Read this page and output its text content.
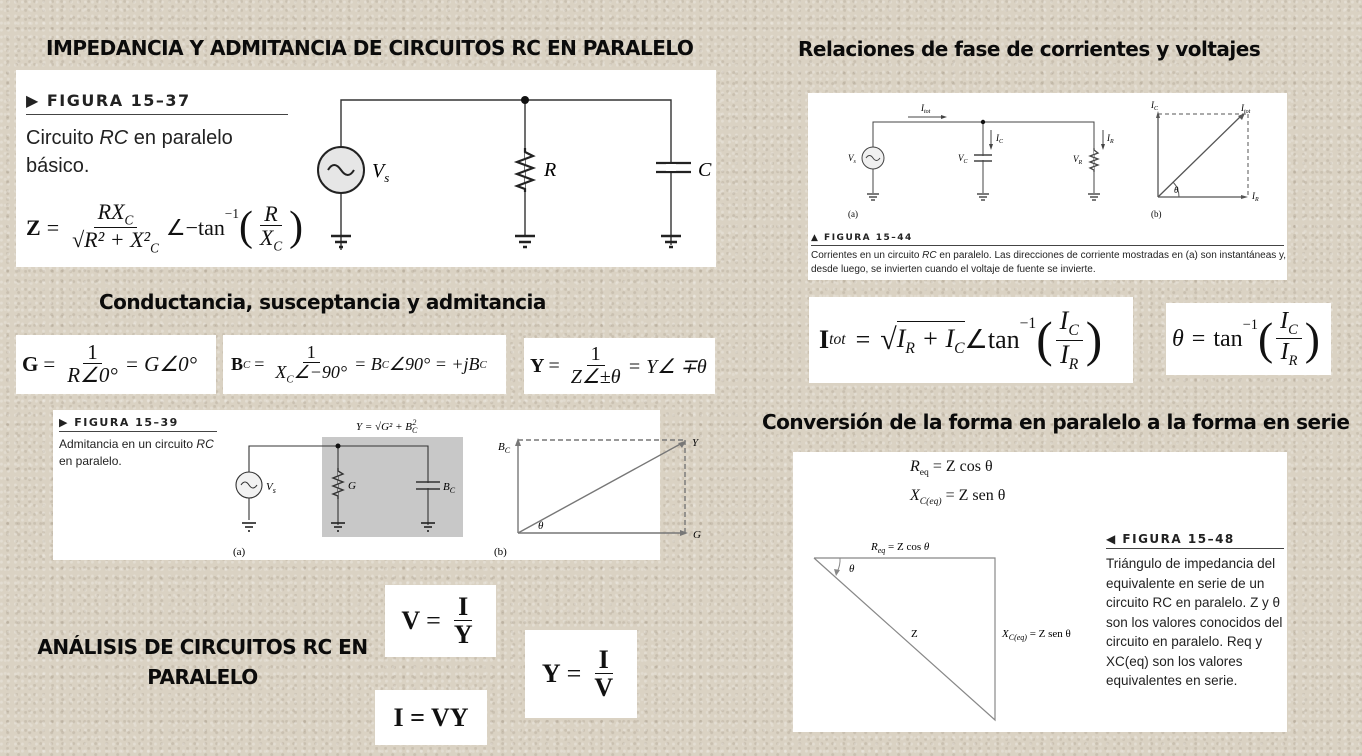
IMPEDANCIA Y ADMITANCIA DE CIRCUITOS RC EN PARALELO	Relaciones de fase de corrientes y voltajes
Conductancia, susceptancia y admitancia
Conversión de la forma en paralelo a la forma en serie
ANÁLISIS DE CIRCUITOS RC EN
PARALELO
▶ FIGURA 15–37
Circuito RC en paralelo
básico.
$Z = \frac{RX_C}{√R^2 + X^2_C}$ ∠−tan
$^{-1}$ ( $\frac{R}{X_C}$ )
$V_s$	R	C
$G = \frac{1}{R\angle 0^\circ}$ = G∠0° B $C = \frac{1}{X_C\angle-90^\circ} = B$ C ∠90° = +jB C $Y = \frac{1}{Z\angle\pm\theta}$ = Y∠ ∓θ
▶ FIGURA 15–39
Admitancia en un circuito RC
en paralelo.
$Y = √G^2 + B_C2$
$V_s$	G	$B_C$
(a)
$B_C$
Y
G
θ
(b)
$I_{tot}$
$I_C$	$I_R$
$V_s$	$V_C$	$V_R$
(a)
$I_C$	$I_{tot}$
$I_R$
θ
(b)
▲ FIGURA 15–44
Corrientes en un circuito RC en paralelo. Las direcciones de corriente mostradas en (a) son instantáneas y,
desde luego, se invierten cuando el voltaje de fuente se invierte.
I tot = √ $I_R + I_C$ ∠tan
$^{-1}$ ( $\frac{I_C}{I_R}$ )	θ = tan
$^{-1}$ ( $\frac{I_C}{I_R}$ )
$R_{eq} = Z$ cos θ
$X_{C(eq)} = Z$ sen θ
$R_{eq} = Z$ cos θ
θ
Z	$X_{C(eq)} = Z$ sen θ
◀ FIGURA 15–48
Triángulo de impedancia del
equivalente en serie de un
circuito RC en paralelo. Z y θ
son los valores conocidos del
circuito en paralelo. Req y
XC(eq) son los valores
equivalentes en serie.
$V = \frac{I}{Y}$
I = VY
$Y = \frac{I}{V}$
